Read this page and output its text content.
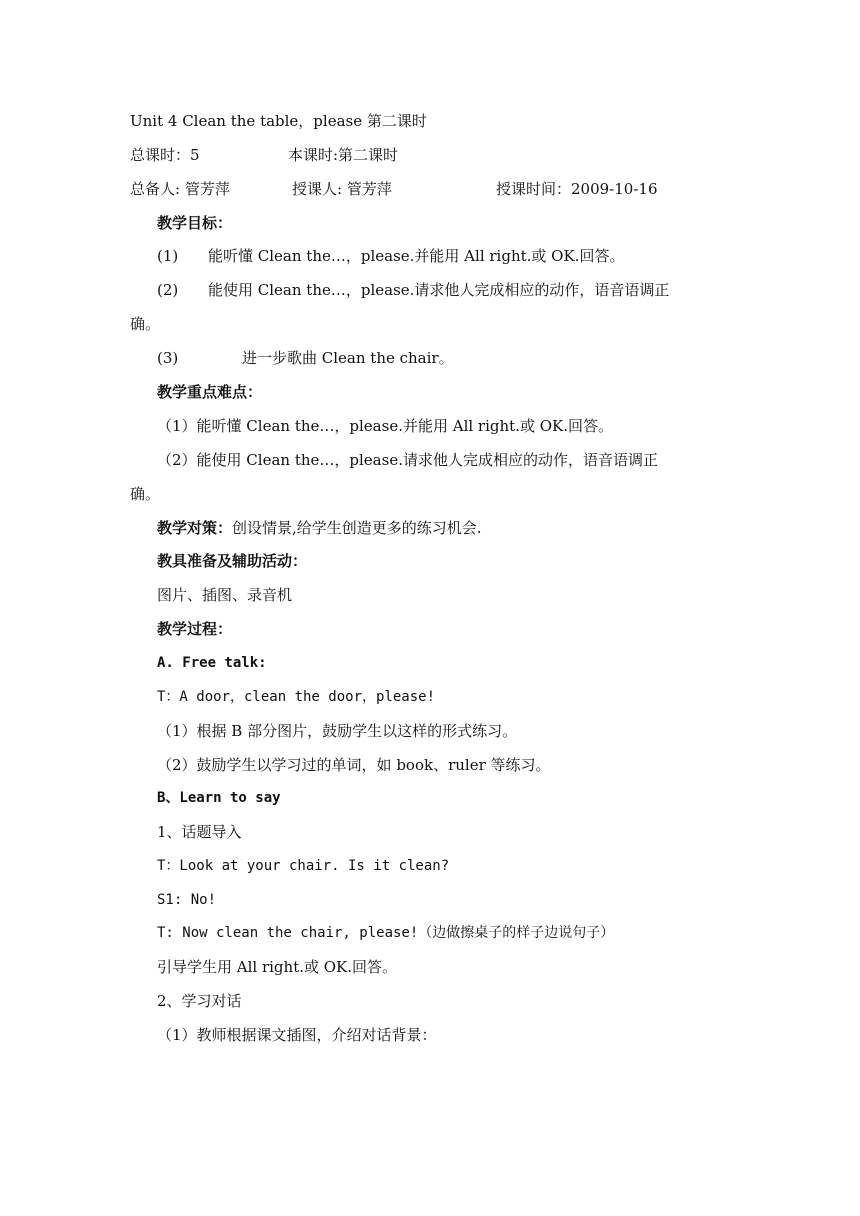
Unit 4 Clean the table，please 第二课时
总课时：5	本课时:第二课时
总备人: 管芳萍	授课人: 管芳萍	授课时间：2009-10-16
教学目标：
(1) 能听懂 Clean the…，please.并能用 All right.或 OK.回答。
(2) 能使用 Clean the…，please.请求他人完成相应的动作，语音语调正
确。
(3)	进一步歌曲 Clean the chair。
教学重点难点：
（1）能听懂 Clean the…，please.并能用 All right.或 OK.回答。
（2）能使用 Clean the…，please.请求他人完成相应的动作，语音语调正
确。
教学对策：创设情景,给学生创造更多的练习机会.
教具准备及辅助活动：
图片、插图、录音机
教学过程：
A. Free talk:
T：A door，clean the door，please!
（1）根据 B 部分图片，鼓励学生以这样的形式练习。
（2）鼓励学生以学习过的单词，如 book、ruler 等练习。
B、Learn to say
1、话题导入
T：Look at your chair. Is it clean?
S1: No!
T: Now clean the chair, please!（边做擦桌子的样子边说句子）
引导学生用 All right.或 OK.回答。
2、学习对话
（1）教师根据课文插图，介绍对话背景：
